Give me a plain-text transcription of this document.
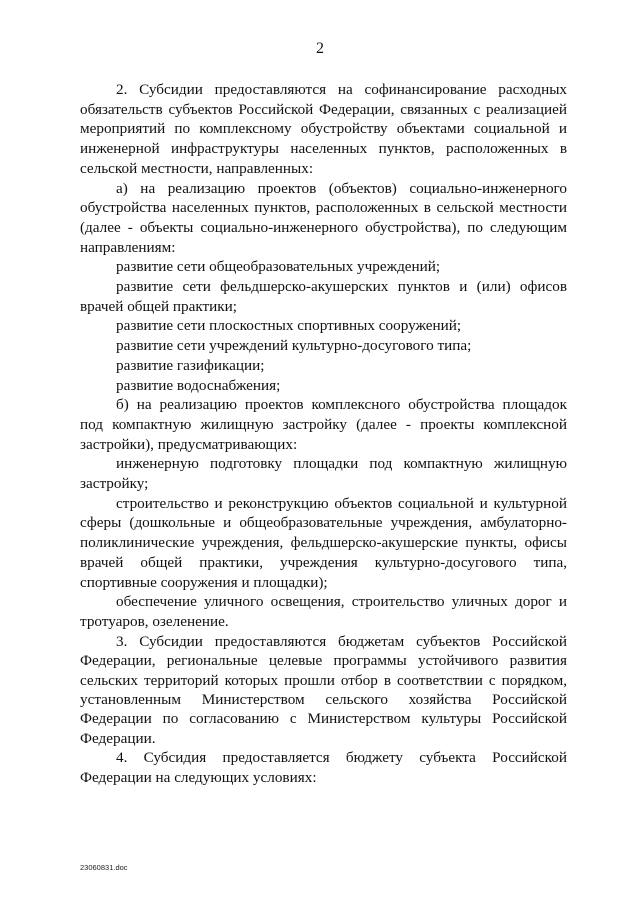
2

2. Субсидии предоставляются на софинансирование расходных обязательств субъектов Российской Федерации, связанных с реализацией мероприятий по комплексному обустройству объектами социальной и инженерной инфраструктуры населенных пунктов, расположенных в сельской местности, направленных:

а) на реализацию проектов (объектов) социально-инженерного обустройства населенных пунктов, расположенных в сельской местности (далее - объекты социально-инженерного обустройства), по следующим направлениям:

развитие сети общеобразовательных учреждений;

развитие сети фельдшерско-акушерских пунктов и (или) офисов врачей общей практики;

развитие сети плоскостных спортивных сооружений;

развитие сети учреждений культурно-досугового типа;

развитие газификации;

развитие водоснабжения;

б) на реализацию проектов комплексного обустройства площадок под компактную жилищную застройку (далее - проекты комплексной застройки), предусматривающих:

инженерную подготовку площадки под компактную жилищную застройку;

строительство и реконструкцию объектов социальной и культурной сферы (дошкольные и общеобразовательные учреждения, амбулаторно-поликлинические учреждения, фельдшерско-акушерские пункты, офисы врачей общей практики, учреждения культурно-досугового типа, спортивные сооружения и площадки);

обеспечение уличного освещения, строительство уличных дорог и тротуаров, озеленение.

3. Субсидии предоставляются бюджетам субъектов Российской Федерации, региональные целевые программы устойчивого развития сельских территорий которых прошли отбор в соответствии с порядком, установленным Министерством сельского хозяйства Российской Федерации по согласованию с Министерством культуры Российской Федерации.

4. Субсидия предоставляется бюджету субъекта Российской Федерации на следующих условиях:

23060831.doc
